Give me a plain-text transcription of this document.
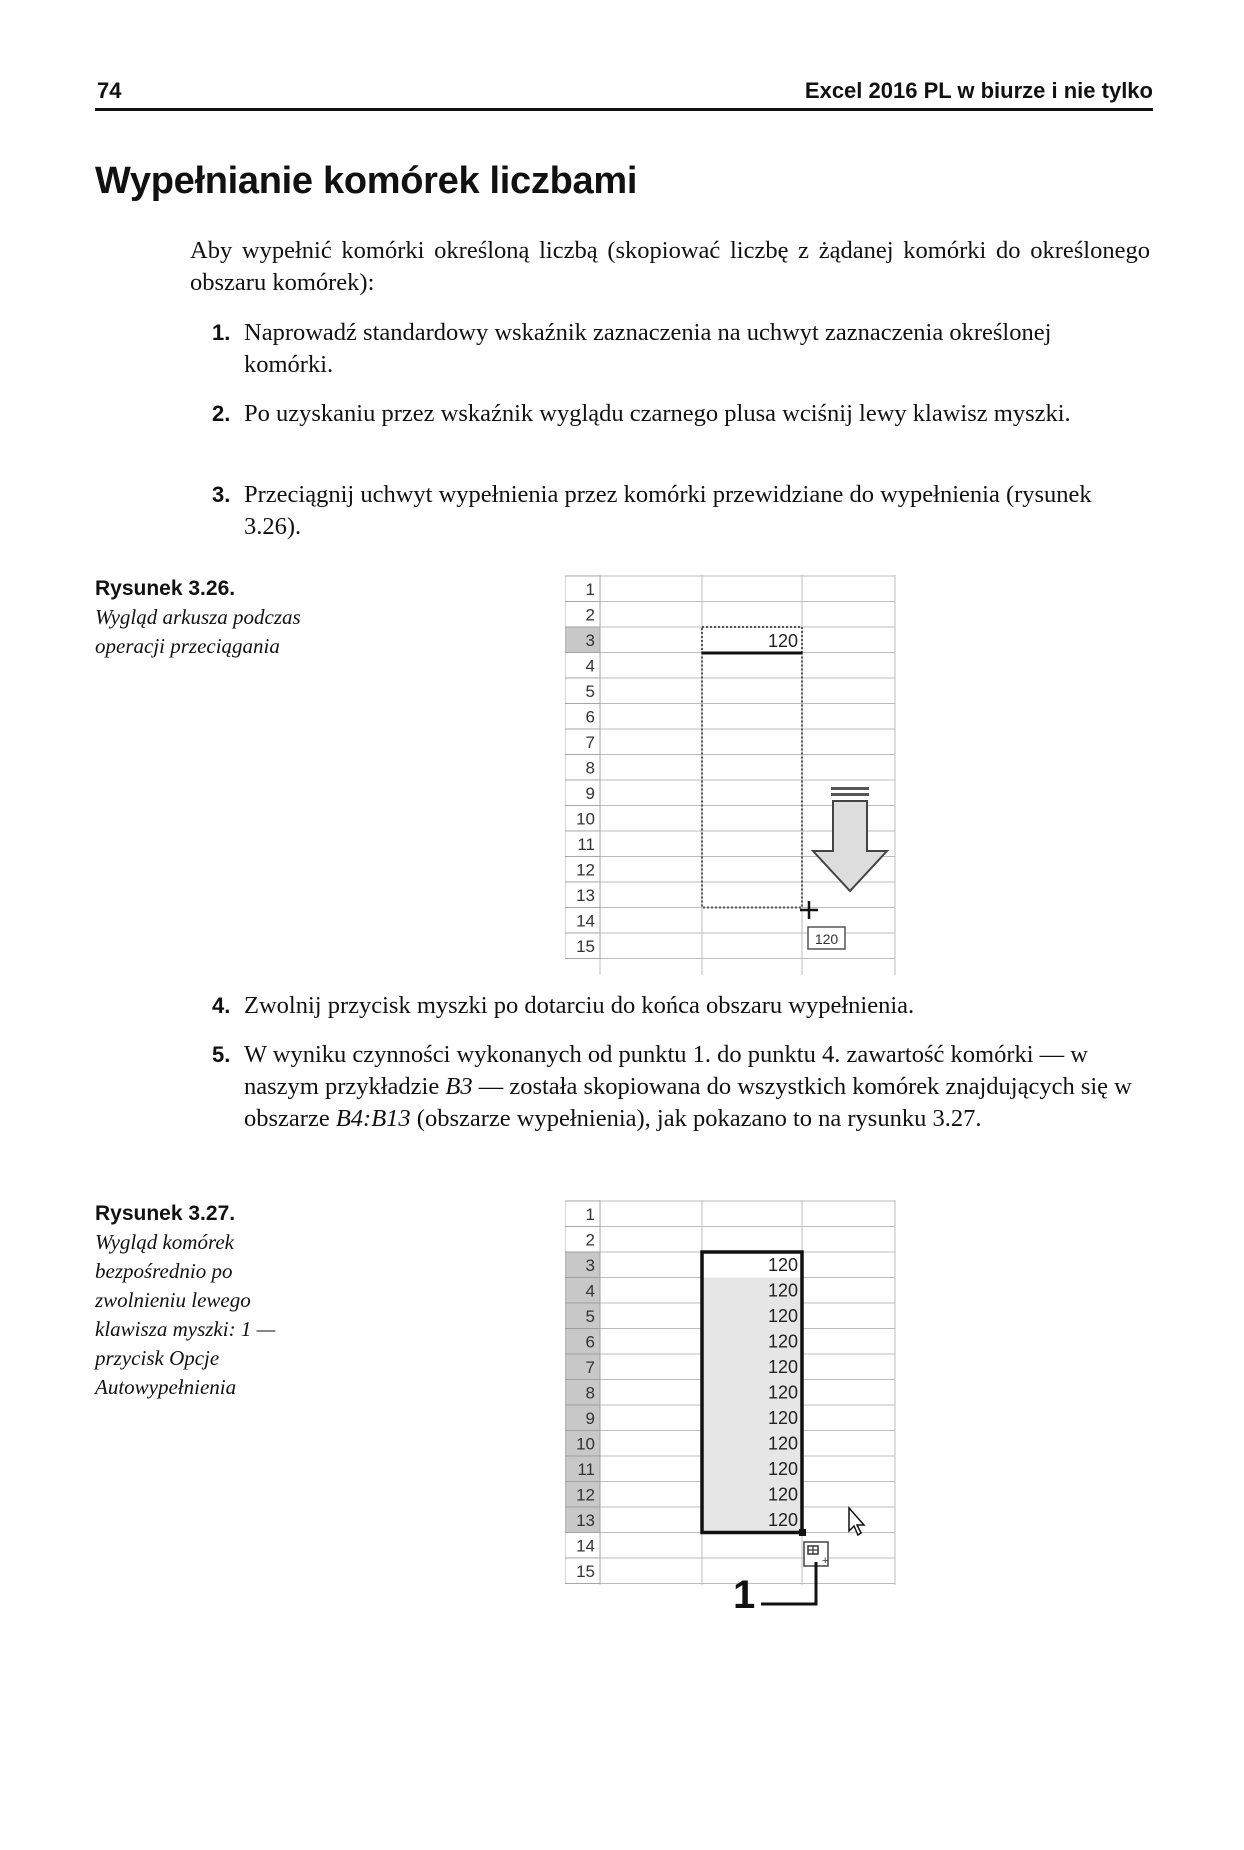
74	Excel 2016 PL w biurze i nie tylko
Wypełnianie komórek liczbami

Aby wypełnić komórki określoną liczbą (skopiować liczbę z żądanej komórki do określonego obszaru komórek):

1. Naprowadź standardowy wskaźnik zaznaczenia na uchwyt zaznaczenia określonej komórki.
2. Po uzyskaniu przez wskaźnik wyglądu czarnego plusa wciśnij lewy klawisz myszki.
3. Przeciągnij uchwyt wypełnienia przez komórki przewidziane do wypełnienia (rysunek 3.26).
Rysunek 3.26.
Wygląd arkusza podczas operacji przeciągania
1
2
3
4
5
6
7
8
9
10
11
12
13
14
15
120
120
4. Zwolnij przycisk myszki po dotarciu do końca obszaru wypełnienia.
5. W wyniku czynności wykonanych od punktu 1. do punktu 4. zawartość komórki — w naszym przykładzie B3 — została skopiowana do wszystkich komórek znajdujących się w obszarze B4:B13 (obszarze wypełnienia), jak pokazano to na rysunku 3.27.
Rysunek 3.27.
Wygląd komórek bezpośrednio po zwolnieniu lewego klawisza myszki: 1 — przycisk Opcje Autowypełnienia
1
2
3
4
5
6
7
8
9
10
11
12
13
14
15
120
120
120
120
120
120
120
120
120
120
120
+
1
